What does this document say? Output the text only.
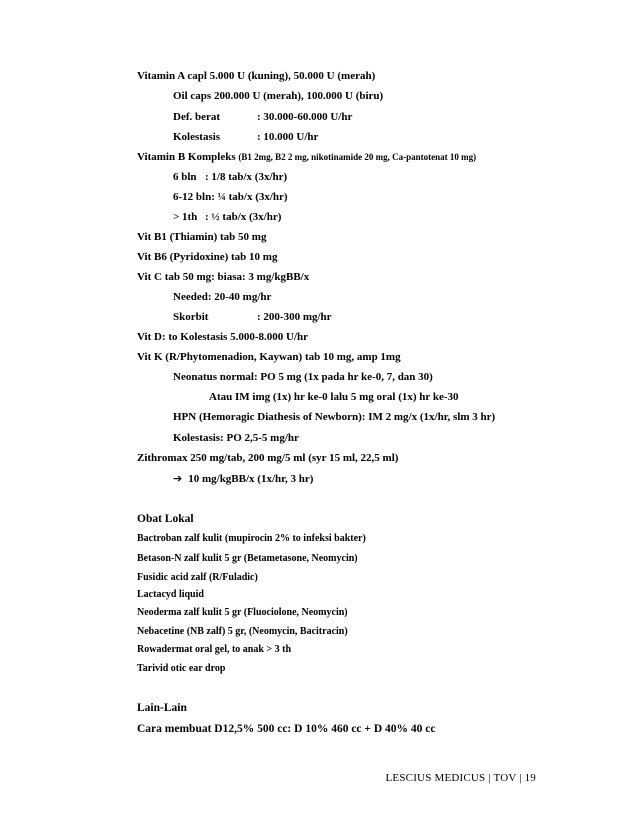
Vitamin A capl 5.000 U (kuning), 50.000 U (merah)
Oil caps 200.000 U (merah), 100.000 U (biru)
Def. berat	: 30.000-60.000 U/hr
Kolestasis	: 10.000 U/hr
Vitamin B Kompleks (B1 2mg, B2 2 mg, nikotinamide 20 mg, Ca-pantotenat 10 mg)
6 bln : 1/8 tab/x (3x/hr)
6-12 bln: ¼ tab/x (3x/hr)
> 1th : ½ tab/x (3x/hr)
Vit B1 (Thiamin) tab 50 mg
Vit B6 (Pyridoxine) tab 10 mg
Vit C tab 50 mg: biasa: 3 mg/kgBB/x
Needed: 20-40 mg/hr
Skorbit	: 200-300 mg/hr
Vit D: to Kolestasis 5.000-8.000 U/hr
Vit K (R/Phytomenadion, Kaywan) tab 10 mg, amp 1mg
Neonatus normal: PO 5 mg (1x pada hr ke-0, 7, dan 30)
Atau IM img (1x) hr ke-0 lalu 5 mg oral (1x) hr ke-30
HPN (Hemoragic Diathesis of Newborn): IM 2 mg/x (1x/hr, slm 3 hr)
Kolestasis: PO 2,5-5 mg/hr
Zithromax 250 mg/tab, 200 mg/5 ml (syr 15 ml, 22,5 ml)
➔ 10 mg/kgBB/x (1x/hr, 3 hr)
Obat Lokal
Bactroban zalf kulit (mupirocin 2% to infeksi bakter)
Betason-N zalf kulit 5 gr (Betametasone, Neomycin)
Fusidic acid zalf (R/Fuladic)
Lactacyd liquid
Neoderma zalf kulit 5 gr (Fluociolone, Neomycin)
Nebacetine (NB zalf) 5 gr, (Neomycin, Bacitracin)
Rowadermat oral gel, to anak > 3 th
Tarivid otic ear drop
Lain-Lain
Cara membuat D12,5% 500 cc: D 10% 460 cc + D 40% 40 cc
LESCIUS MEDICUS | TOV | 19
